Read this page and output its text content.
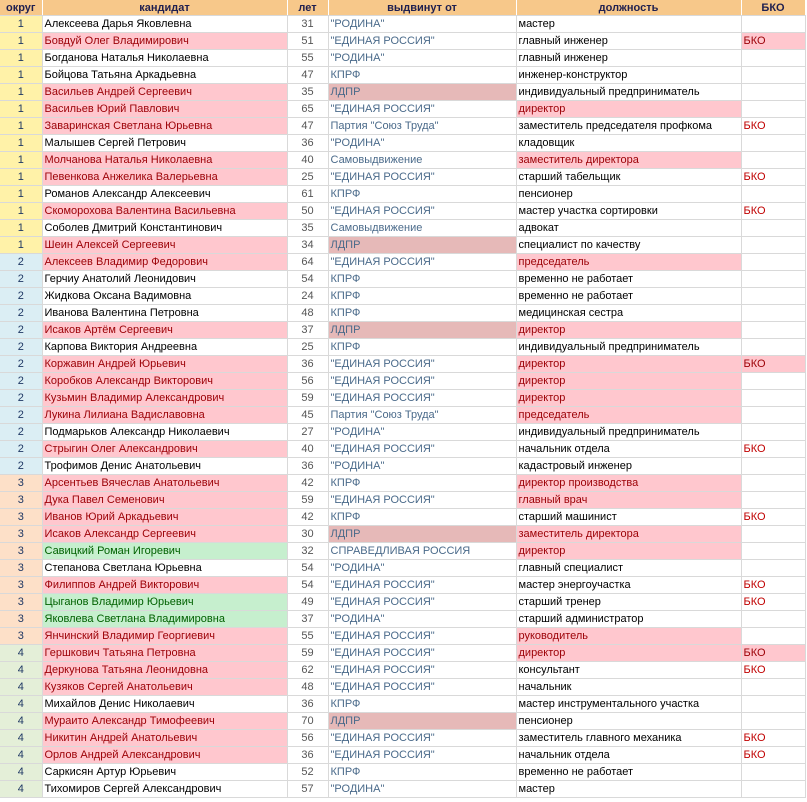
округ	кандидат	лет	выдвинут от	должность	БКО
1	Алексеева Дарья Яковлевна	31	"РОДИНА"	мастер	
1	Бовдуй Олег Владимирович	51	"ЕДИНАЯ РОССИЯ"	главный инженер	БКО
1	Богданова Наталья Николаевна	55	"РОДИНА"	главный инженер	
1	Бойцова Татьяна Аркадьевна	47	КПРФ	инженер-конструктор	
1	Васильев Андрей Сергеевич	35	ЛДПР	индивидуальный предприниматель	
1	Васильев Юрий Павлович	65	"ЕДИНАЯ РОССИЯ"	директор	
1	Заваринская Светлана Юрьевна	47	Партия "Союз Труда"	заместитель председателя профкома	БКО
1	Малышев Сергей Петрович	36	"РОДИНА"	кладовщик	
1	Молчанова Наталья Николаевна	40	Самовыдвижение	заместитель директора	
1	Певенкова Анжелика Валерьевна	25	"ЕДИНАЯ РОССИЯ"	старший табельщик	БКО
1	Романов Александр Алексеевич	61	КПРФ	пенсионер	
1	Скоморохова Валентина Васильевна	50	"ЕДИНАЯ РОССИЯ"	мастер участка сортировки	БКО
1	Соболев Дмитрий Константинович	35	Самовыдвижение	адвокат	
1	Шеин Алексей Сергеевич	34	ЛДПР	специалист по качеству	
2	Алексеев Владимир Федорович	64	"ЕДИНАЯ РОССИЯ"	председатель	
2	Герчиу Анатолий Леонидович	54	КПРФ	временно не работает	
2	Жидкова Оксана Вадимовна	24	КПРФ	временно не работает	
2	Иванова Валентина Петровна	48	КПРФ	медицинская сестра	
2	Исаков Артём Сергеевич	37	ЛДПР	директор	
2	Карпова Виктория Андреевна	25	КПРФ	индивидуальный предприниматель	
2	Коржавин Андрей Юрьевич	36	"ЕДИНАЯ РОССИЯ"	директор	БКО
2	Коробков Александр Викторович	56	"ЕДИНАЯ РОССИЯ"	директор	
2	Кузьмин Владимир Александрович	59	"ЕДИНАЯ РОССИЯ"	директор	
2	Лукина Лилиана Вадиславовна	45	Партия "Союз Труда"	председатель	
2	Подмарьков Александр Николаевич	27	"РОДИНА"	индивидуальный предприниматель	
2	Стрыгин Олег Александрович	40	"ЕДИНАЯ РОССИЯ"	начальник отдела	БКО
2	Трофимов Денис Анатольевич	36	"РОДИНА"	кадастровый инженер	
3	Арсентьев Вячеслав Анатольевич	42	КПРФ	директор производства	
3	Дука Павел Семенович	59	"ЕДИНАЯ РОССИЯ"	главный врач	
3	Иванов Юрий Аркадьевич	42	КПРФ	старший машинист	БКО
3	Исаков Александр Сергеевич	30	ЛДПР	заместитель директора	
3	Савицкий Роман Игоревич	32	СПРАВЕДЛИВАЯ РОССИЯ	директор	
3	Степанова Светлана Юрьевна	54	"РОДИНА"	главный специалист	
3	Филиппов Андрей Викторович	54	"ЕДИНАЯ РОССИЯ"	мастер энергоучастка	БКО
3	Цыганов Владимир Юрьевич	49	"ЕДИНАЯ РОССИЯ"	старший тренер	БКО
3	Яковлева Светлана Владимировна	37	"РОДИНА"	старший администратор	
3	Янчинский Владимир Георгиевич	55	"ЕДИНАЯ РОССИЯ"	руководитель	
4	Гершкович Татьяна Петровна	59	"ЕДИНАЯ РОССИЯ"	директор	БКО
4	Деркунова Татьяна Леонидовна	62	"ЕДИНАЯ РОССИЯ"	консультант	БКО
4	Кузяков Сергей Анатольевич	48	"ЕДИНАЯ РОССИЯ"	начальник	
4	Михайлов Денис Николаевич	36	КПРФ	мастер инструментального участка	
4	Мураито Александр Тимофеевич	70	ЛДПР	пенсионер	
4	Никитин Андрей Анатольевич	56	"ЕДИНАЯ РОССИЯ"	заместитель главного механика	БКО
4	Орлов Андрей Александрович	36	"ЕДИНАЯ РОССИЯ"	начальник отдела	БКО
4	Саркисян Артур Юрьевич	52	КПРФ	временно не работает	
4	Тихомиров Сергей Александрович	57	"РОДИНА"	мастер	
